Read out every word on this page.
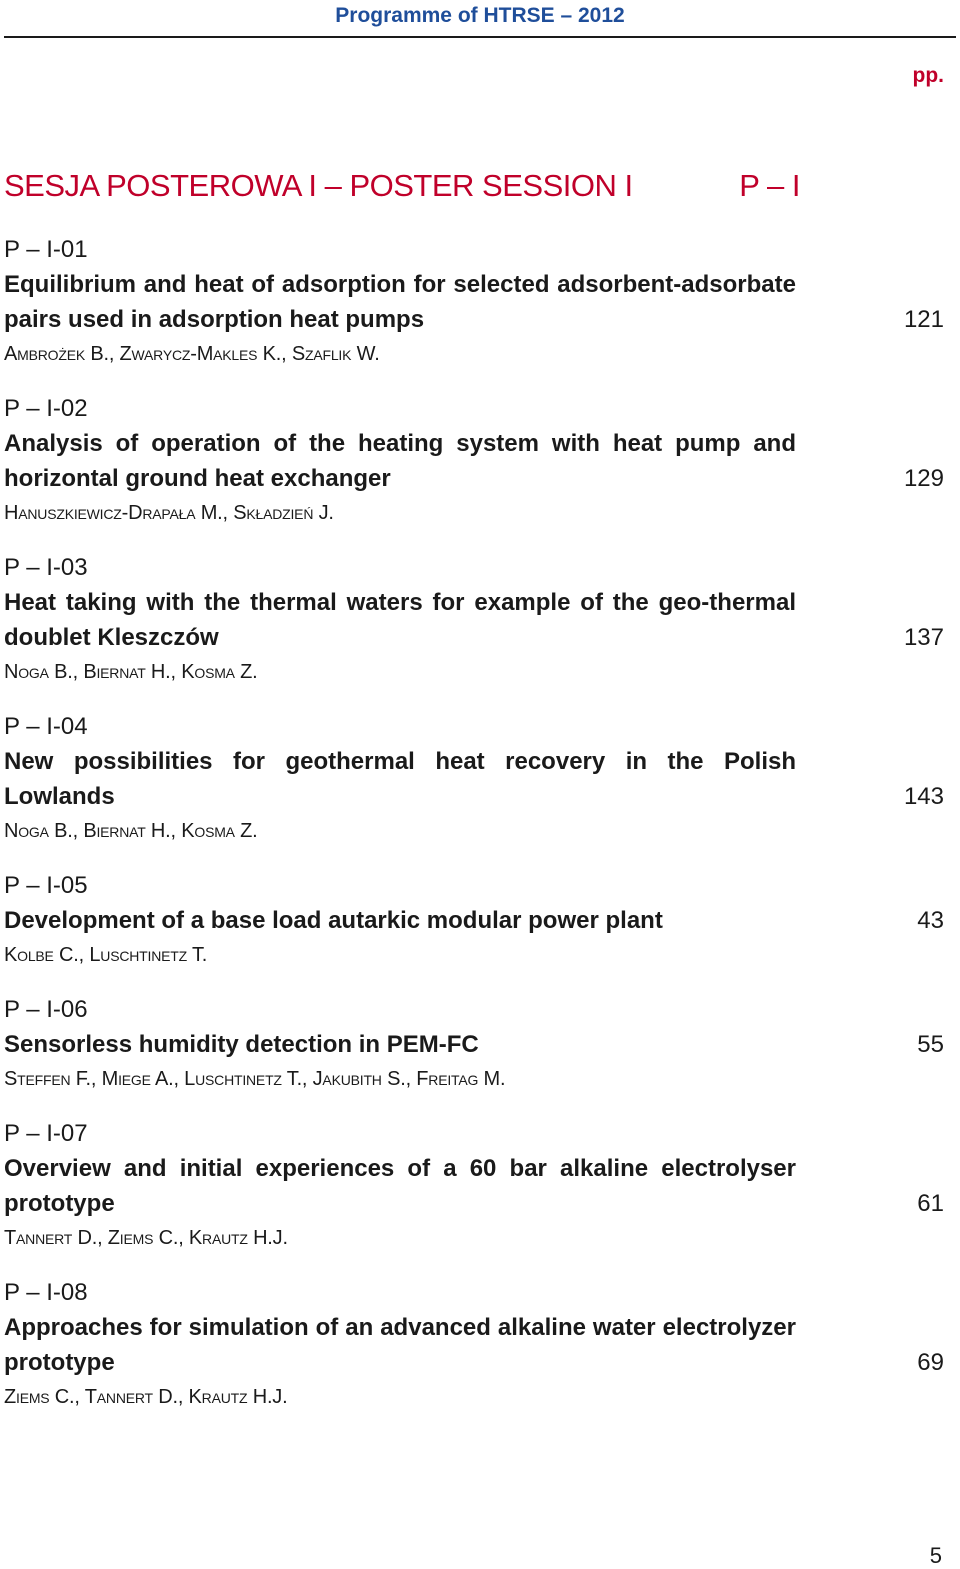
Programme of HTRSE – 2012
pp.
SESJA POSTEROWA I – POSTER SESSION I	P – I
P – I-01
Equilibrium and heat of adsorption for selected adsorbent-adsorbate pairs used in adsorption heat pumps	121
Ambrożek B., Zwarycz-Makles K., Szaflik W.
P – I-02
Analysis of operation of the heating system with heat pump and horizontal ground heat exchanger	129
Hanuszkiewicz-Drapała M., Składzień J.
P – I-03
Heat taking with the thermal waters for example of the geo-thermal doublet Kleszczów	137
Noga B., Biernat H., Kosma Z.
P – I-04
New possibilities for geothermal heat recovery in the Polish Lowlands	143
Noga B., Biernat H., Kosma Z.
P – I-05
Development of a base load autarkic modular power plant	43
Kolbe C., Luschtinetz T.
P – I-06
Sensorless humidity detection in PEM-FC	55
Steffen F., Miege A., Luschtinetz T., Jakubith S., Freitag M.
P – I-07
Overview and initial experiences of a 60 bar alkaline electrolyser prototype	61
Tannert D., Ziems C., Krautz H.J.
P – I-08
Approaches for simulation of an advanced alkaline water electrolyzer prototype	69
Ziems C., Tannert D., Krautz H.J.
5
